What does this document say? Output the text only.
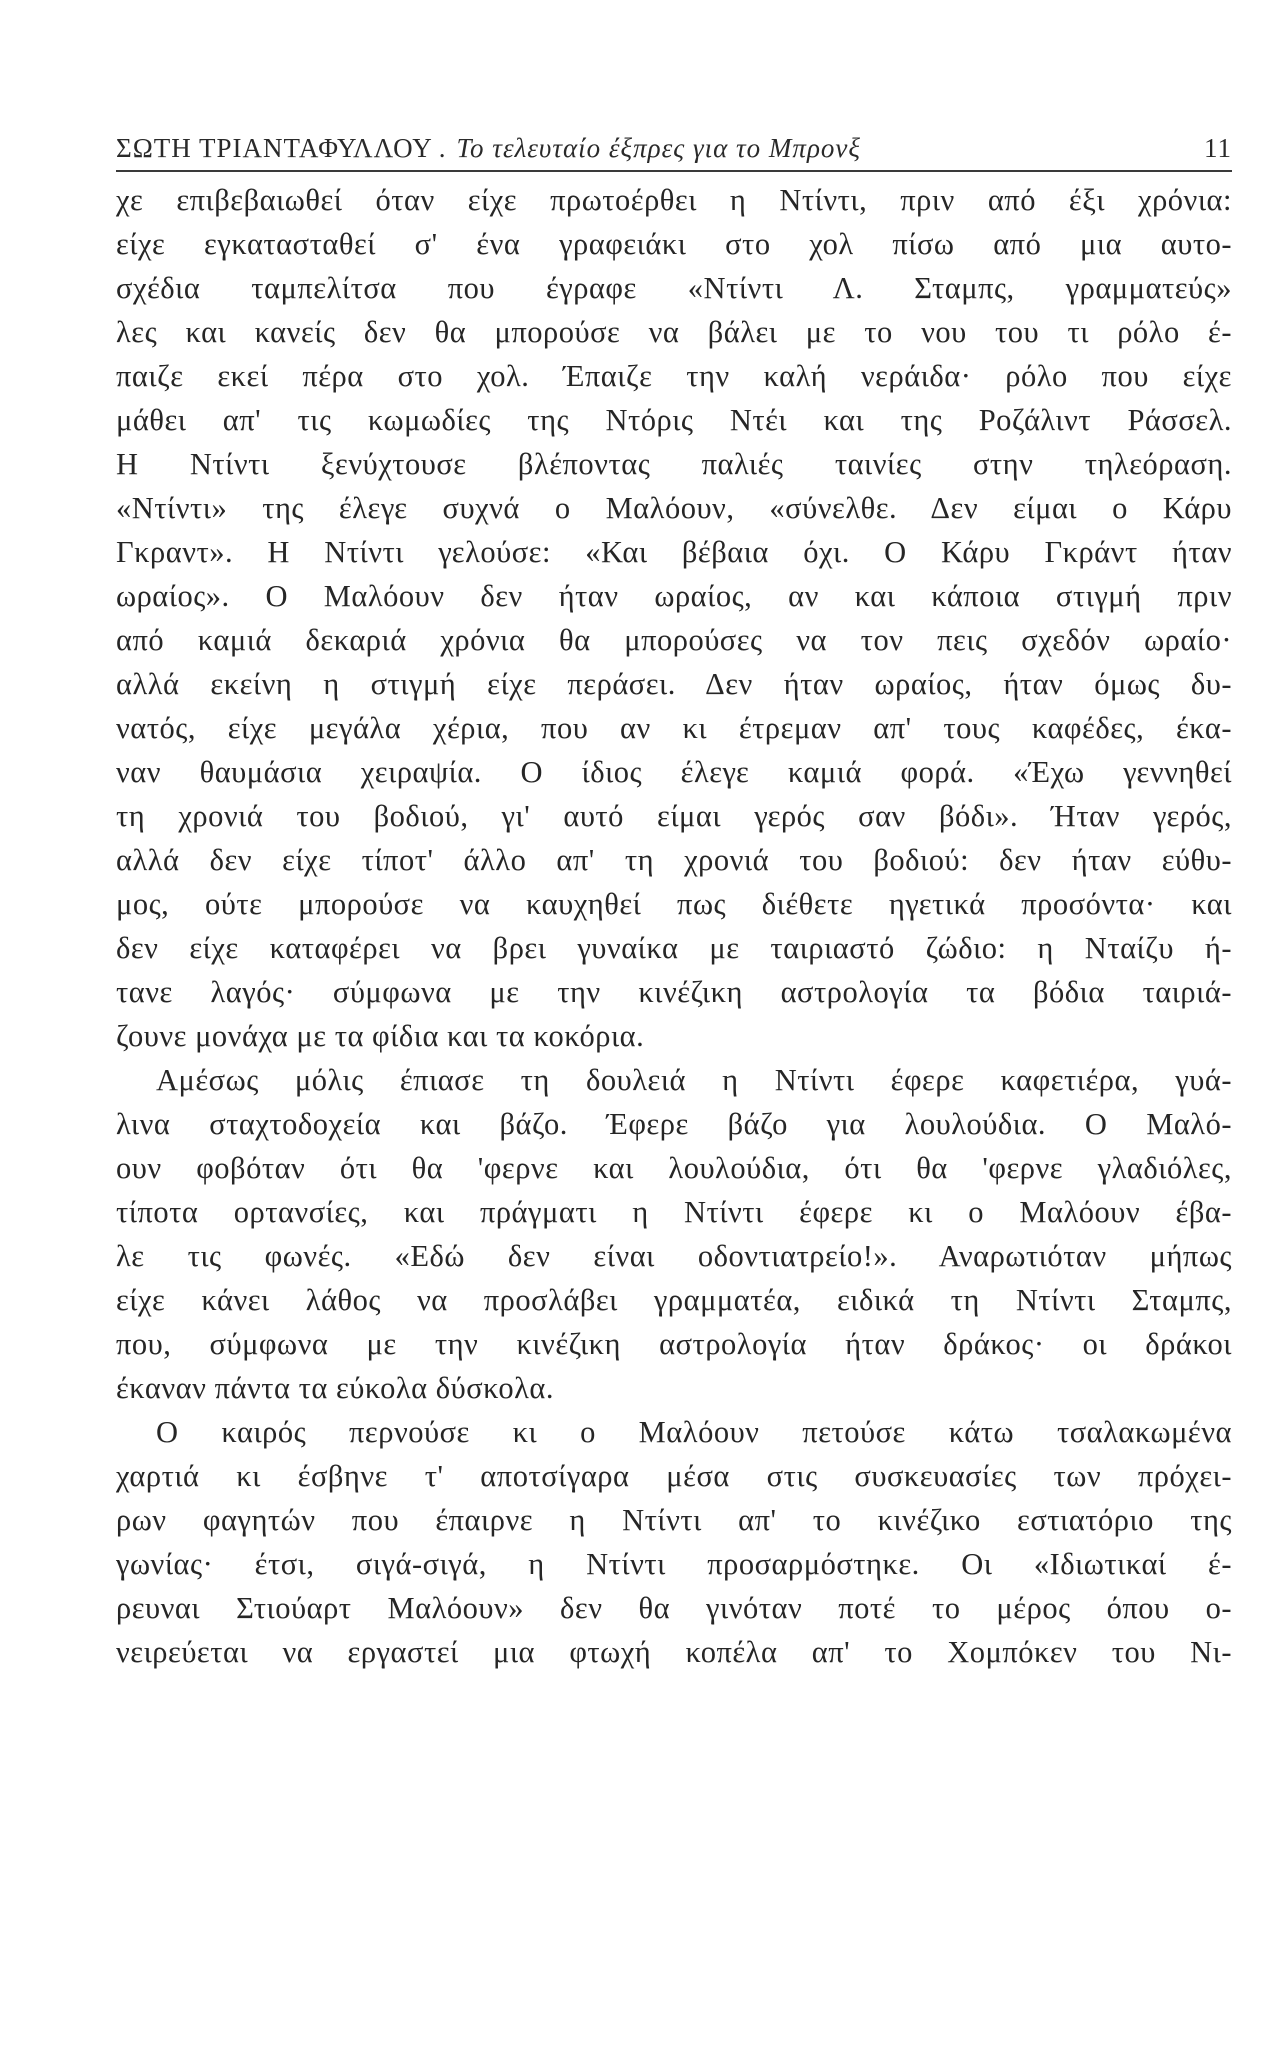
ΣΩΤΗ ΤΡΙΑΝΤΑΦΥΛΛΟΥ . Το τελευταίο έξπρες για το Μπρονξ	11
χε επιβεβαιωθεί όταν είχε πρωτοέρθει η Ντίντι, πριν από έξι χρόνια:
είχε εγκατασταθεί σ' ένα γραφειάκι στο χολ πίσω από μια αυτο-
σχέδια ταμπελίτσα που έγραφε «Ντίντι Λ. Σταμπς, γραμματεύς»
λες και κανείς δεν θα μπορούσε να βάλει με το νου του τι ρόλο έ-
παιζε εκεί πέρα στο χολ. Έπαιζε την καλή νεράιδα· ρόλο που είχε
μάθει απ' τις κωμωδίες της Ντόρις Ντέι και της Ροζάλιντ Ράσσελ.
Η Ντίντι ξενύχτουσε βλέποντας παλιές ταινίες στην τηλεόραση.
«Ντίντι» της έλεγε συχνά ο Μαλόουν, «σύνελθε. Δεν είμαι ο Κάρυ
Γκραντ». Η Ντίντι γελούσε: «Και βέβαια όχι. Ο Κάρυ Γκράντ ήταν
ωραίος». Ο Μαλόουν δεν ήταν ωραίος, αν και κάποια στιγμή πριν
από καμιά δεκαριά χρόνια θα μπορούσες να τον πεις σχεδόν ωραίο·
αλλά εκείνη η στιγμή είχε περάσει. Δεν ήταν ωραίος, ήταν όμως δυ-
νατός, είχε μεγάλα χέρια, που αν κι έτρεμαν απ' τους καφέδες, έκα-
ναν θαυμάσια χειραψία. Ο ίδιος έλεγε καμιά φορά. «Έχω γεννηθεί
τη χρονιά του βοδιού, γι' αυτό είμαι γερός σαν βόδι». Ήταν γερός,
αλλά δεν είχε τίποτ' άλλο απ' τη χρονιά του βοδιού: δεν ήταν εύθυ-
μος, ούτε μπορούσε να καυχηθεί πως διέθετε ηγετικά προσόντα· και
δεν είχε καταφέρει να βρει γυναίκα με ταιριαστό ζώδιο: η Νταίζυ ή-
τανε λαγός· σύμφωνα με την κινέζικη αστρολογία τα βόδια ταιριά-
ζουνε μονάχα με τα φίδια και τα κοκόρια.
Αμέσως μόλις έπιασε τη δουλειά η Ντίντι έφερε καφετιέρα, γυά-
λινα σταχτοδοχεία και βάζο. Έφερε βάζο για λουλούδια. Ο Μαλό-
ουν φοβόταν ότι θα 'φερνε και λουλούδια, ότι θα 'φερνε γλαδιόλες,
τίποτα ορτανσίες, και πράγματι η Ντίντι έφερε κι ο Μαλόουν έβα-
λε τις φωνές. «Εδώ δεν είναι οδοντιατρείο!». Αναρωτιόταν μήπως
είχε κάνει λάθος να προσλάβει γραμματέα, ειδικά τη Ντίντι Σταμπς,
που, σύμφωνα με την κινέζικη αστρολογία ήταν δράκος· οι δράκοι
έκαναν πάντα τα εύκολα δύσκολα.
Ο καιρός περνούσε κι ο Μαλόουν πετούσε κάτω τσαλακωμένα
χαρτιά κι έσβηνε τ' αποτσίγαρα μέσα στις συσκευασίες των πρόχει-
ρων φαγητών που έπαιρνε η Ντίντι απ' το κινέζικο εστιατόριο της
γωνίας· έτσι, σιγά-σιγά, η Ντίντι προσαρμόστηκε. Οι «Ιδιωτικαί έ-
ρευναι Στιούαρτ Μαλόουν» δεν θα γινόταν ποτέ το μέρος όπου ο-
νειρεύεται να εργαστεί μια φτωχή κοπέλα απ' το Χομπόκεν του Νι-
